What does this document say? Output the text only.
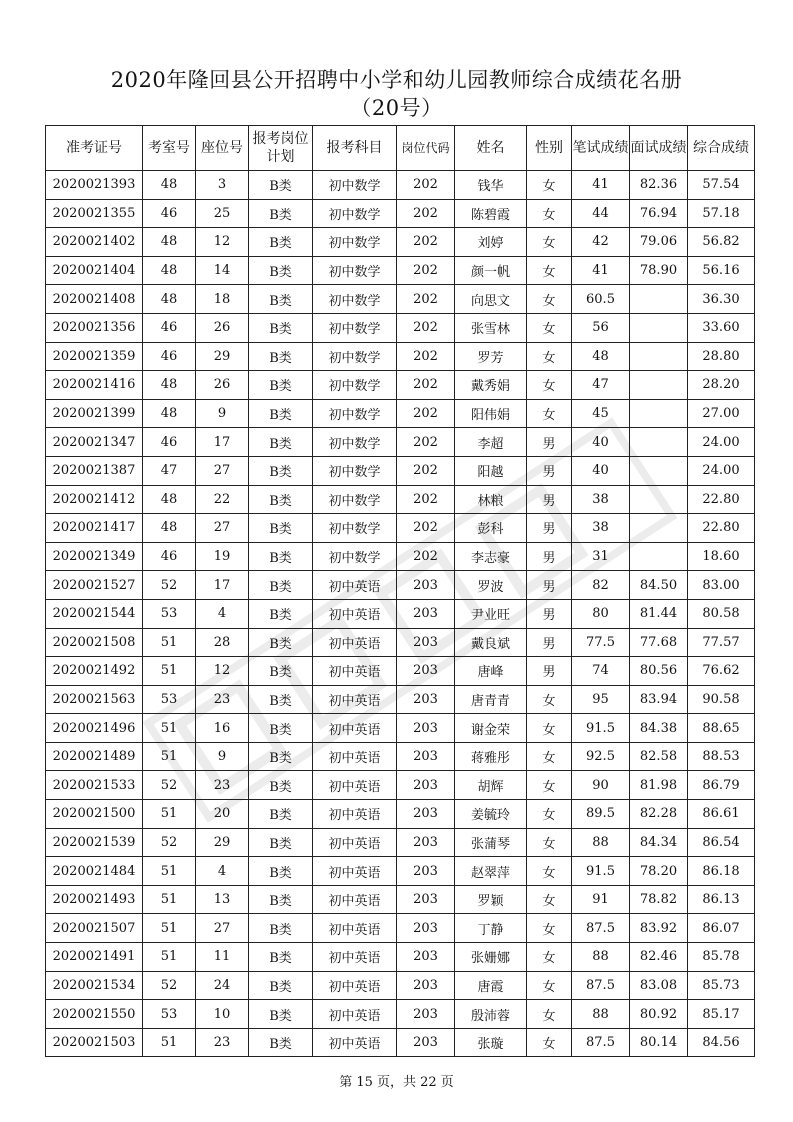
2020年隆回县公开招聘中小学和幼儿园教师综合成绩花名册
（20号）
准考证号	考室号	座位号	报考岗位计划	报考科目	岗位代码	姓名	性别	笔试成绩	面试成绩	综合成绩
2020021393	48	3	B类	初中数学	202	钱华	女	41	82.36	57.54
2020021355	46	25	B类	初中数学	202	陈碧霞	女	44	76.94	57.18
2020021402	48	12	B类	初中数学	202	刘婷	女	42	79.06	56.82
2020021404	48	14	B类	初中数学	202	颜一帆	女	41	78.90	56.16
2020021408	48	18	B类	初中数学	202	向思文	女	60.5		36.30
2020021356	46	26	B类	初中数学	202	张雪林	女	56		33.60
2020021359	46	29	B类	初中数学	202	罗芳	女	48		28.80
2020021416	48	26	B类	初中数学	202	戴秀娟	女	47		28.20
2020021399	48	9	B类	初中数学	202	阳伟娟	女	45		27.00
2020021347	46	17	B类	初中数学	202	李超	男	40		24.00
2020021387	47	27	B类	初中数学	202	阳越	男	40		24.00
2020021412	48	22	B类	初中数学	202	林粮	男	38		22.80
2020021417	48	27	B类	初中数学	202	彭科	男	38		22.80
2020021349	46	19	B类	初中数学	202	李志豪	男	31		18.60
2020021527	52	17	B类	初中英语	203	罗波	男	82	84.50	83.00
2020021544	53	4	B类	初中英语	203	尹业旺	男	80	81.44	80.58
2020021508	51	28	B类	初中英语	203	戴良斌	男	77.5	77.68	77.57
2020021492	51	12	B类	初中英语	203	唐峰	男	74	80.56	76.62
2020021563	53	23	B类	初中英语	203	唐青青	女	95	83.94	90.58
2020021496	51	16	B类	初中英语	203	谢金荣	女	91.5	84.38	88.65
2020021489	51	9	B类	初中英语	203	蒋雅彤	女	92.5	82.58	88.53
2020021533	52	23	B类	初中英语	203	胡辉	女	90	81.98	86.79
2020021500	51	20	B类	初中英语	203	姜毓玲	女	89.5	82.28	86.61
2020021539	52	29	B类	初中英语	203	张蒲琴	女	88	84.34	86.54
2020021484	51	4	B类	初中英语	203	赵翠萍	女	91.5	78.20	86.18
2020021493	51	13	B类	初中英语	203	罗颖	女	91	78.82	86.13
2020021507	51	27	B类	初中英语	203	丁静	女	87.5	83.92	86.07
2020021491	51	11	B类	初中英语	203	张姗娜	女	88	82.46	85.78
2020021534	52	24	B类	初中英语	203	唐霞	女	87.5	83.08	85.73
2020021550	53	10	B类	初中英语	203	殷沛蓉	女	88	80.92	85.17
2020021503	51	23	B类	初中英语	203	张璇	女	87.5	80.14	84.56
第 15 页，共 22 页
